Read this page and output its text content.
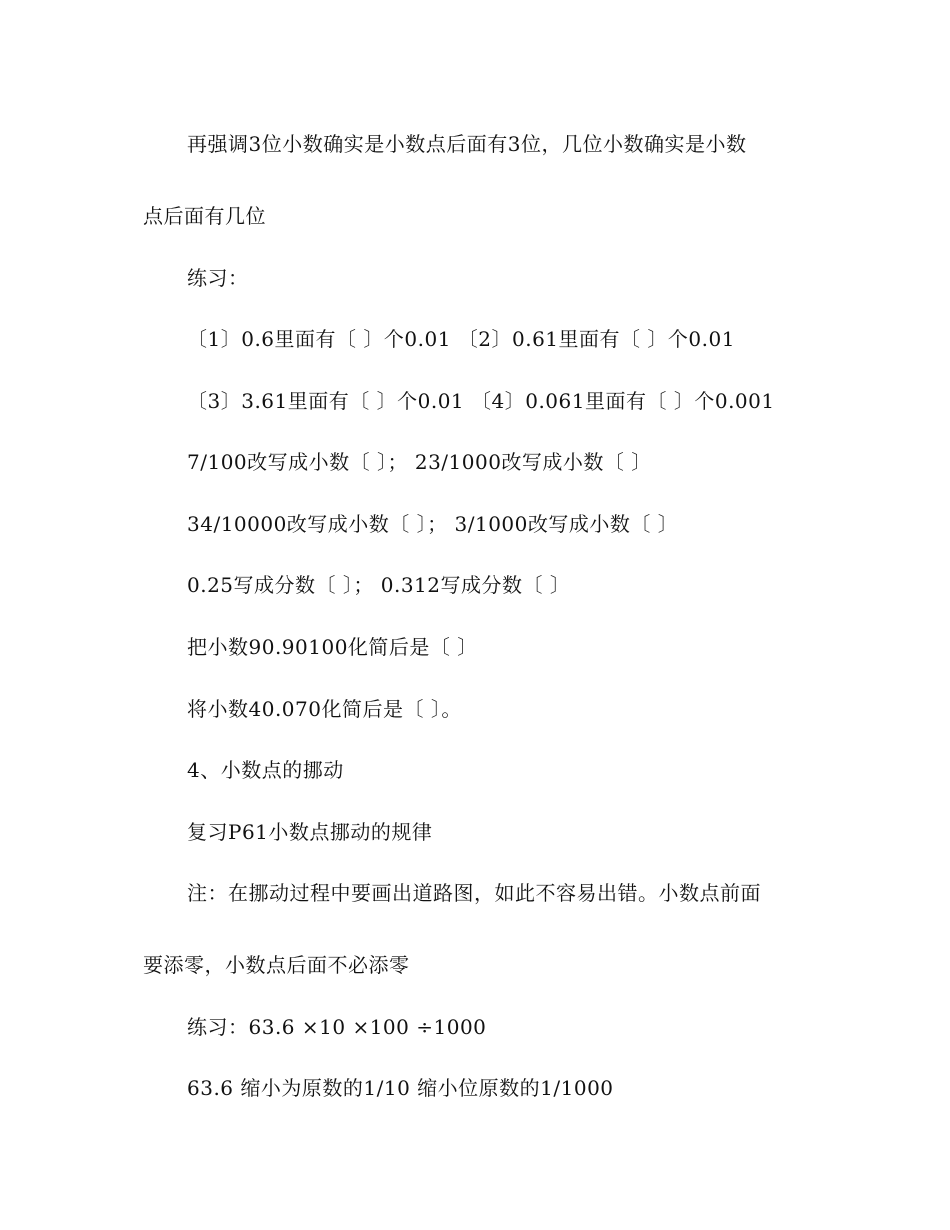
再强调3位小数确实是小数点后面有3位，几位小数确实是小数
点后面有几位
练习：
〔1〕0.6里面有〔 〕个0.01 〔2〕0.61里面有〔 〕个0.01
〔3〕3.61里面有〔 〕个0.01 〔4〕0.061里面有〔 〕个0.001
7/100改写成小数〔 〕； 23/1000改写成小数〔 〕
34/10000改写成小数〔 〕； 3/1000改写成小数〔 〕
0.25写成分数〔 〕； 0.312写成分数〔 〕
把小数90.90100化简后是〔 〕
将小数40.070化简后是〔 〕。
4、小数点的挪动
复习P61小数点挪动的规律
注：在挪动过程中要画出道路图，如此不容易出错。小数点前面
要添零，小数点后面不必添零
练习：63.6 ×10 ×100 ÷1000
63.6 缩小为原数的1/10 缩小位原数的1/1000
